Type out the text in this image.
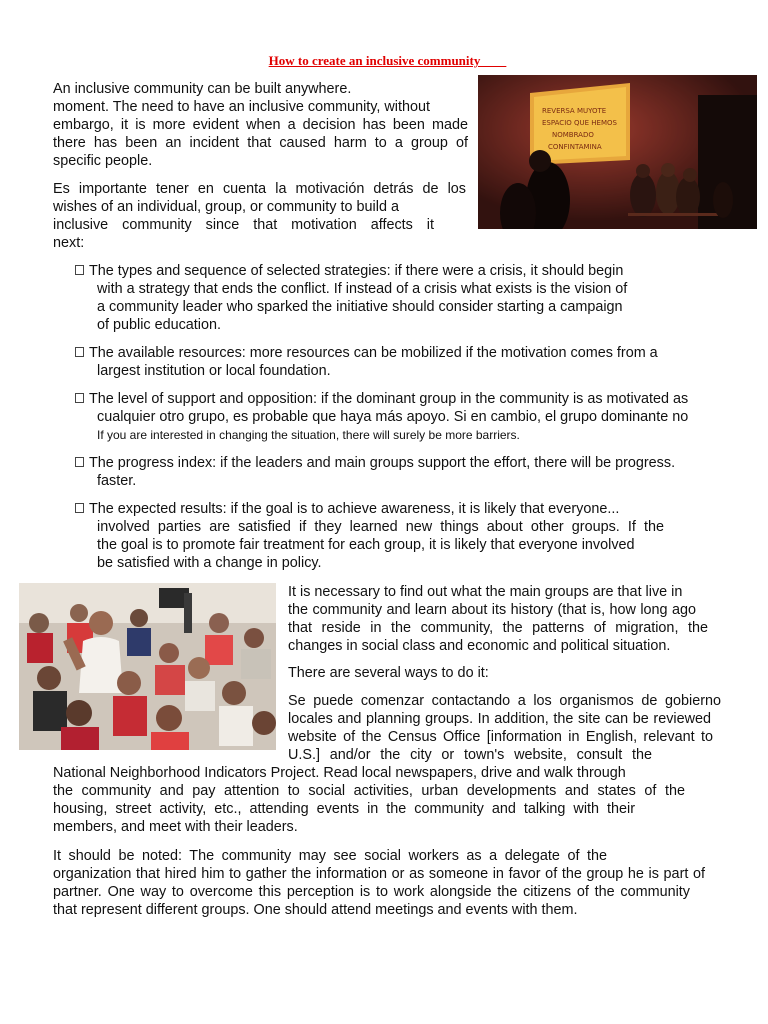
How to create an inclusive community
An inclusive community can be built anywhere.
moment. The need to have an inclusive community, without
embargo, it is more evident when a decision has been made
there has been an incident that caused harm to a group of
specific people.
Es importante tener en cuenta la motivación detrás de los
wishes of an individual, group, or community to build a
inclusive community since that motivation affects it
next:
REVERSA MUYOTE
ESPACIO QUE HEMOS
NOMBRADO
CONFINTAMINA
The types and sequence of selected strategies: if there were a crisis, it should begin
with a strategy that ends the conflict. If instead of a crisis what exists is the vision of
a community leader who sparked the initiative should consider starting a campaign
of public education.
The available resources: more resources can be mobilized if the motivation comes from a
largest institution or local foundation.
The level of support and opposition: if the dominant group in the community is as motivated as
cualquier otro grupo, es probable que haya más apoyo. Si en cambio, el grupo dominante no
If you are interested in changing the situation, there will surely be more barriers.
The progress index: if the leaders and main groups support the effort, there will be progress.
faster.
The expected results: if the goal is to achieve awareness, it is likely that everyone...
involved parties are satisfied if they learned new things about other groups. If the
the goal is to promote fair treatment for each group, it is likely that everyone involved
be satisfied with a change in policy.
It is necessary to find out what the main groups are that live in
the community and learn about its history (that is, how long ago
that reside in the community, the patterns of migration, the
changes in social class and economic and political situation.
There are several ways to do it:
Se puede comenzar contactando a los organismos de gobierno
locales and planning groups. In addition, the site can be reviewed
website of the Census Office [information in English, relevant to
U.S.] and/or the city or town's website, consult the
National Neighborhood Indicators Project. Read local newspapers, drive and walk through
the community and pay attention to social activities, urban developments and states of the
housing, street activity, etc., attending events in the community and talking with their
members, and meet with their leaders.
It should be noted: The community may see social workers as a delegate of the
organization that hired him to gather the information or as someone in favor of the group he is part of
partner. One way to overcome this perception is to work alongside the citizens of the community
that represent different groups. One should attend meetings and events with them.
